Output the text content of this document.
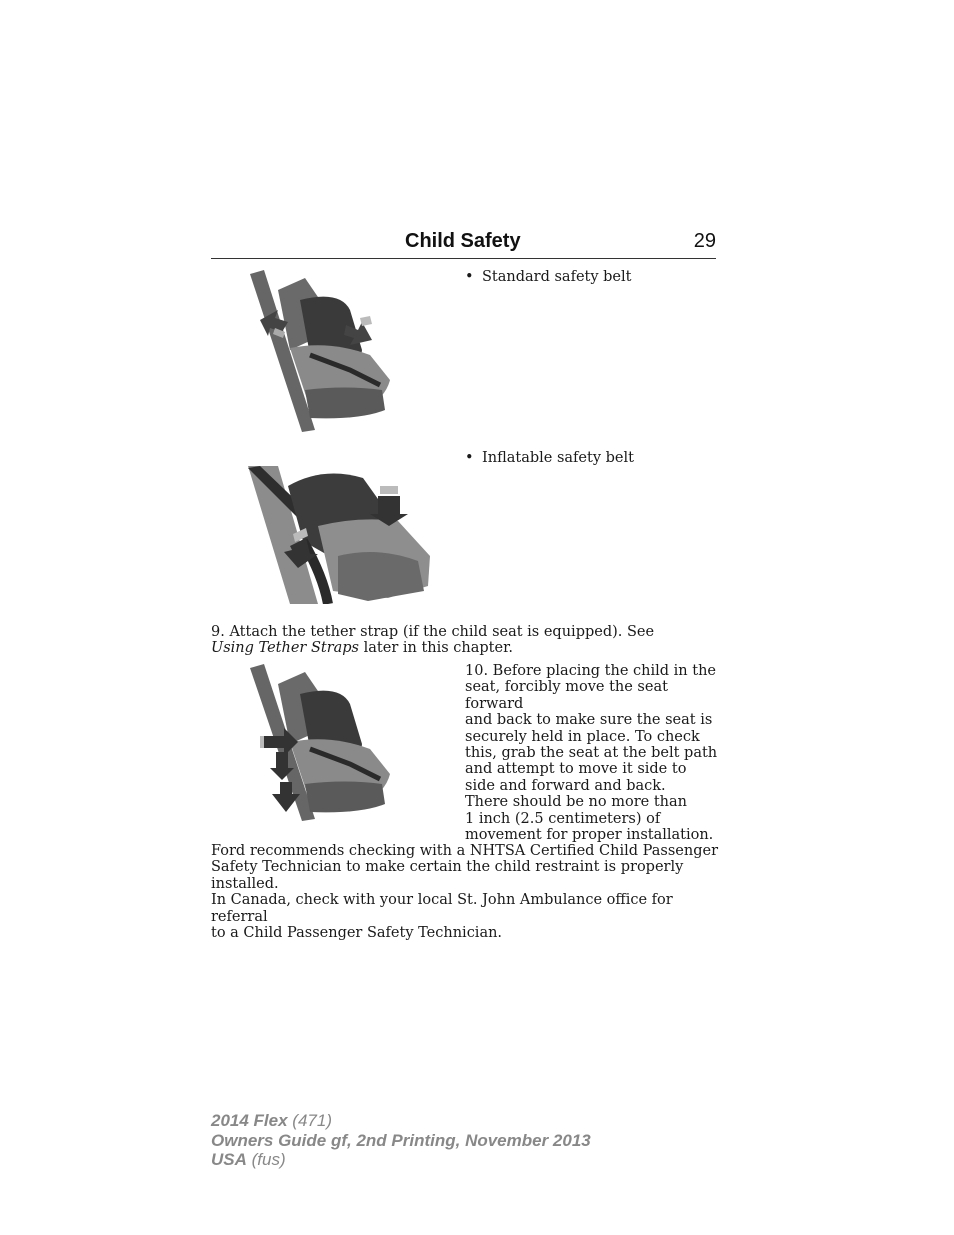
Child Safety	29
• Standard safety belt
• Inflatable safety belt

9. Attach the tether strap (if the child seat is equipped). See Using Tether Straps later in this chapter.

10. Before placing the child in the
seat, forcibly move the seat forward
and back to make sure the seat is
securely held in place. To check
this, grab the seat at the belt path
and attempt to move it side to
side and forward and back.
There should be no more than
1 inch (2.5 centimeters) of
movement for proper installation.

Ford recommends checking with a NHTSA Certified Child Passenger
Safety Technician to make certain the child restraint is properly installed.
In Canada, check with your local St. John Ambulance office for referral
to a Child Passenger Safety Technician.

2014 Flex (471)
Owners Guide gf, 2nd Printing, November 2013
USA (fus)
